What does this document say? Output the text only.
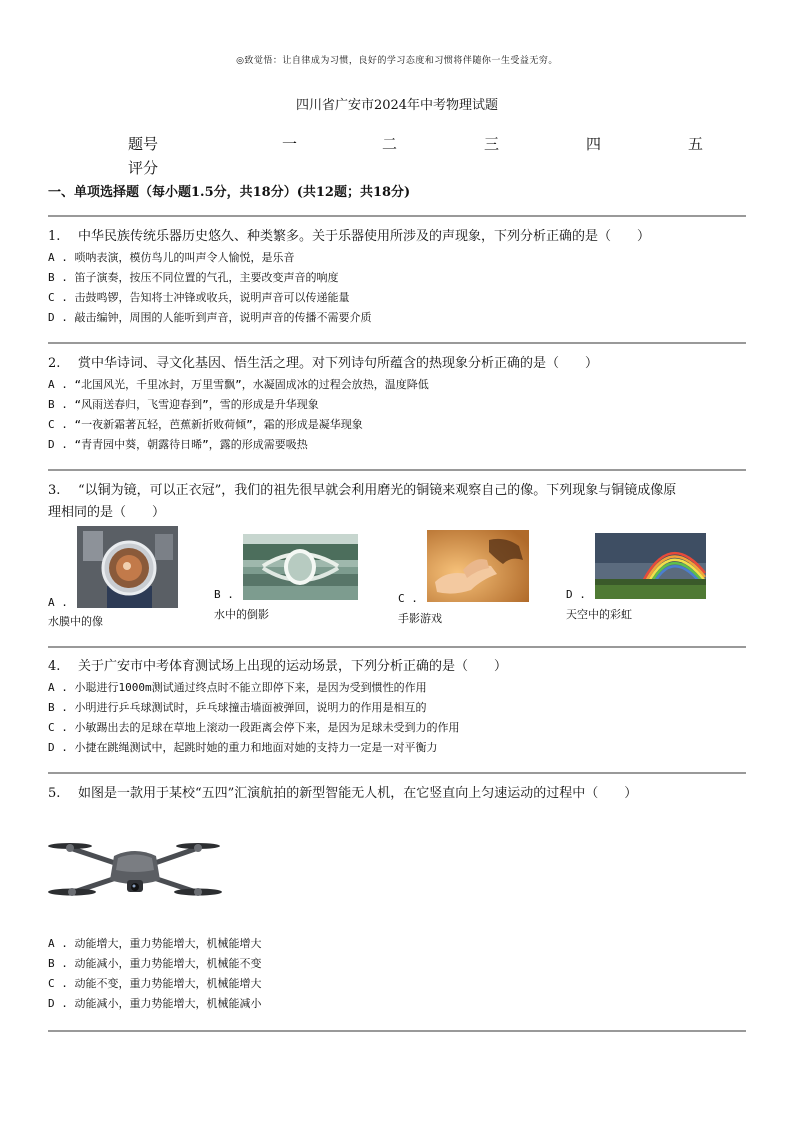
◎致觉悟：让自律成为习惯，良好的学习态度和习惯将伴随你一生受益无穷。
四川省广安市2024年中考物理试题
题号	一	二	三	四	五
评分
一、单项选择题（每小题1.5分，共18分）(共12题；共18分)
1. 中华民族传统乐器历史悠久、种类繁多。关于乐器使用所涉及的声现象，下列分析正确的是（　　）
A . 唢呐表演，模仿鸟儿的叫声令人愉悦，是乐音
B . 笛子演奏，按压不同位置的气孔，主要改变声音的响度
C . 击鼓鸣锣，告知将士冲锋或收兵，说明声音可以传递能量
D . 敲击编钟，周围的人能听到声音，说明声音的传播不需要介质
2. 赏中华诗词、寻文化基因、悟生活之理。对下列诗句所蕴含的热现象分析正确的是（　　）
A . “北国风光，千里冰封，万里雪飘”，水凝固成冰的过程会放热，温度降低
B . “风雨送春归，飞雪迎春到”，雪的形成是升华现象
C . “一夜新霜著瓦轻，芭蕉新折败荷倾”，霜的形成是凝华现象
D . “青青园中葵，朝露待日晞”，露的形成需要吸热
3. “以铜为镜，可以正衣冠”，我们的祖先很早就会利用磨光的铜镜来观察自己的像。下列现象与铜镜成像原
理相同的是（　　）
A .
水膜中的像
B .
水中的倒影
C .
手影游戏
D .
天空中的彩虹
4. 关于广安市中考体育测试场上出现的运动场景，下列分析正确的是（　　）
A . 小聪进行1000m测试通过终点时不能立即停下来，是因为受到惯性的作用
B . 小明进行乒乓球测试时，乒乓球撞击墙面被弹回，说明力的作用是相互的
C . 小敏踢出去的足球在草地上滚动一段距离会停下来，是因为足球未受到力的作用
D . 小捷在跳绳测试中，起跳时她的重力和地面对她的支持力一定是一对平衡力
5. 如图是一款用于某校“五四”汇演航拍的新型智能无人机，在它竖直向上匀速运动的过程中（　　）
A . 动能增大，重力势能增大，机械能增大
B . 动能减小，重力势能增大，机械能不变
C . 动能不变，重力势能增大，机械能增大
D . 动能减小，重力势能增大，机械能减小
